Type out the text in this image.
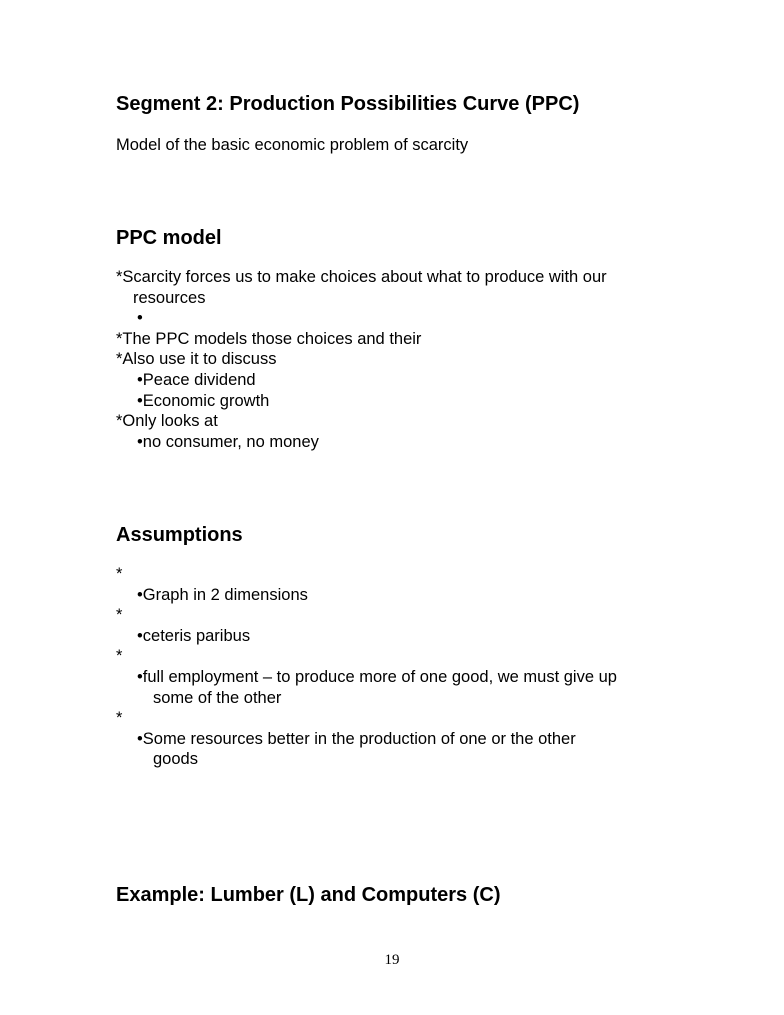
Segment 2: Production Possibilities Curve (PPC)
Model of the basic economic problem of scarcity
PPC model
*Scarcity forces us to make choices about what to produce with our
resources
•
*The PPC models those choices and their
*Also use it to discuss
•Peace dividend
•Economic growth
*Only looks at
•no consumer, no money
Assumptions
*
•Graph in 2 dimensions
*
•ceteris paribus
*
•full employment – to produce more of one good, we must give up
some of the other
*
•Some resources better in the production of one or the other
goods
Example: Lumber (L) and Computers (C)
19
